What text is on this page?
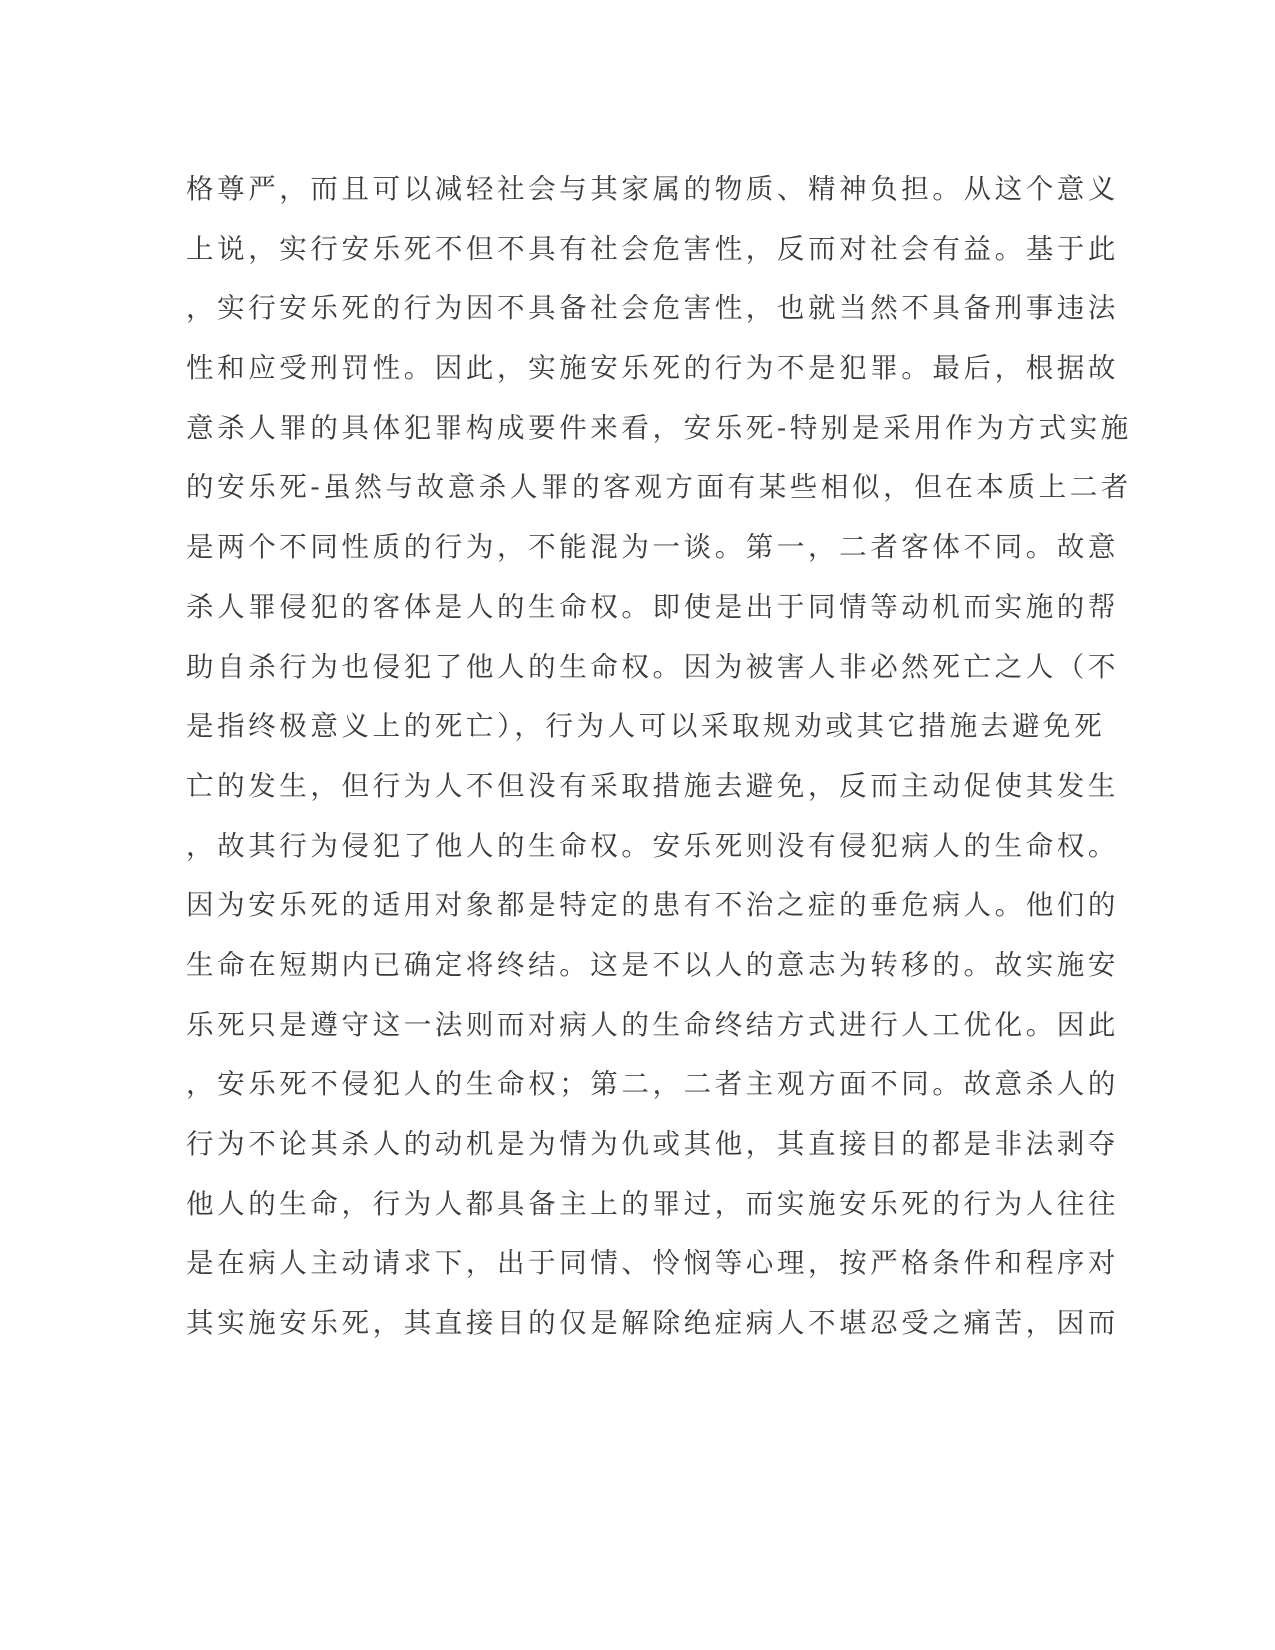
格尊严，而且可以减轻社会与其家属的物质、精神负担。从这个意义
上说，实行安乐死不但不具有社会危害性，反而对社会有益。基于此
，实行安乐死的行为因不具备社会危害性，也就当然不具备刑事违法
性和应受刑罚性。因此，实施安乐死的行为不是犯罪。最后，根据故
意杀人罪的具体犯罪构成要件来看，安乐死-特别是采用作为方式实施
的安乐死-虽然与故意杀人罪的客观方面有某些相似，但在本质上二者
是两个不同性质的行为，不能混为一谈。第一，二者客体不同。故意
杀人罪侵犯的客体是人的生命权。即使是出于同情等动机而实施的帮
助自杀行为也侵犯了他人的生命权。因为被害人非必然死亡之人（不
是指终极意义上的死亡），行为人可以采取规劝或其它措施去避免死
亡的发生，但行为人不但没有采取措施去避免，反而主动促使其发生
，故其行为侵犯了他人的生命权。安乐死则没有侵犯病人的生命权。
因为安乐死的适用对象都是特定的患有不治之症的垂危病人。他们的
生命在短期内已确定将终结。这是不以人的意志为转移的。故实施安
乐死只是遵守这一法则而对病人的生命终结方式进行人工优化。因此
，安乐死不侵犯人的生命权；第二，二者主观方面不同。故意杀人的
行为不论其杀人的动机是为情为仇或其他，其直接目的都是非法剥夺
他人的生命，行为人都具备主上的罪过，而实施安乐死的行为人往往
是在病人主动请求下，出于同情、怜悯等心理，按严格条件和程序对
其实施安乐死，其直接目的仅是解除绝症病人不堪忍受之痛苦，因而
